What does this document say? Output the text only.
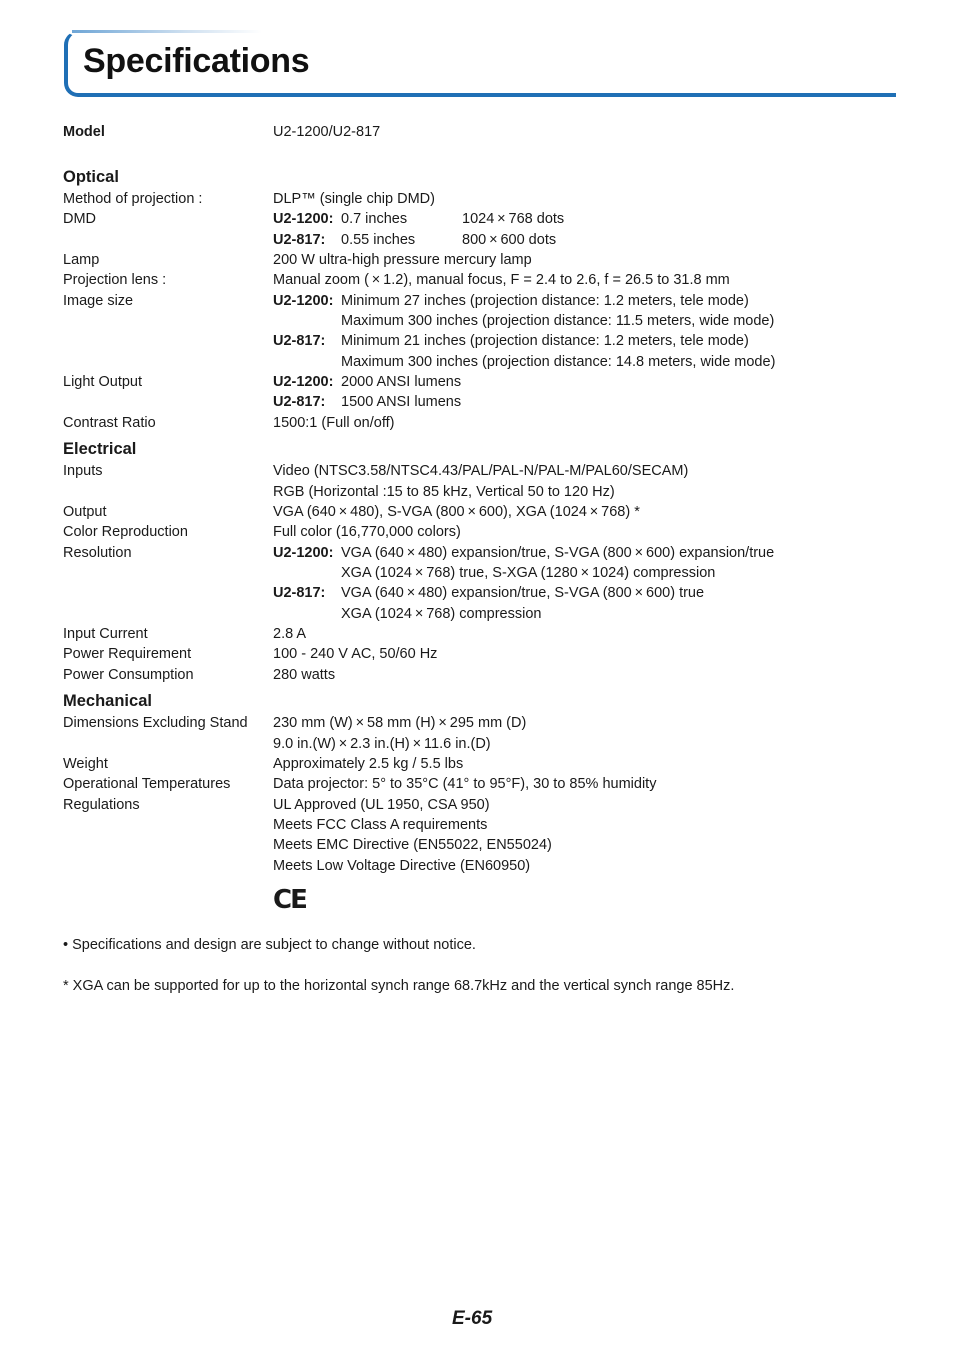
Specifications
Model	U2-1200/U2-817
Optical
Method of projection :	DLP™ (single chip DMD)
DMD	U2-1200: 0.7 inches	1024 × 768 dots
U2-817: 0.55 inches	800 × 600 dots
Lamp	200 W ultra-high pressure mercury lamp
Projection lens :	Manual zoom ( × 1.2), manual focus, F = 2.4 to 2.6, f = 26.5 to 31.8 mm
Image size	U2-1200: Minimum 27 inches (projection distance: 1.2 meters, tele mode)
Maximum 300 inches (projection distance: 11.5 meters, wide mode)
U2-817: Minimum 21 inches (projection distance: 1.2 meters, tele mode)
Maximum 300 inches (projection distance: 14.8 meters, wide mode)
Light Output	U2-1200: 2000 ANSI lumens
U2-817: 1500 ANSI lumens
Contrast Ratio	1500:1 (Full on/off)
Electrical
Inputs	Video (NTSC3.58/NTSC4.43/PAL/PAL-N/PAL-M/PAL60/SECAM)
RGB (Horizontal :15 to 85 kHz, Vertical 50 to 120 Hz)
Output	VGA (640 × 480), S-VGA (800 × 600), XGA (1024 × 768) *
Color Reproduction	Full color (16,770,000 colors)
Resolution	U2-1200: VGA (640 × 480) expansion/true, S-VGA (800 × 600) expansion/true
XGA (1024 × 768) true, S-XGA (1280 × 1024) compression
U2-817: VGA (640 × 480) expansion/true, S-VGA (800 × 600) true
XGA (1024 × 768) compression
Input Current	2.8 A
Power Requirement	100 - 240 V AC, 50/60 Hz
Power Consumption	280 watts
Mechanical
Dimensions Excluding Stand 230 mm (W) × 58 mm (H) × 295 mm (D)
9.0 in.(W) × 2.3 in.(H) × 11.6 in.(D)
Weight	Approximately 2.5 kg / 5.5 lbs
Operational Temperatures	Data projector: 5° to 35°C (41° to 95°F), 30 to 85% humidity
Regulations	UL Approved (UL 1950, CSA 950)
Meets FCC Class A requirements
Meets EMC Directive (EN55022, EN55024)
Meets Low Voltage Directive (EN60950)
CE
• Specifications and design are subject to change without notice.
* XGA can be supported for up to the horizontal synch range 68.7kHz and the vertical synch range 85Hz.
E-65
